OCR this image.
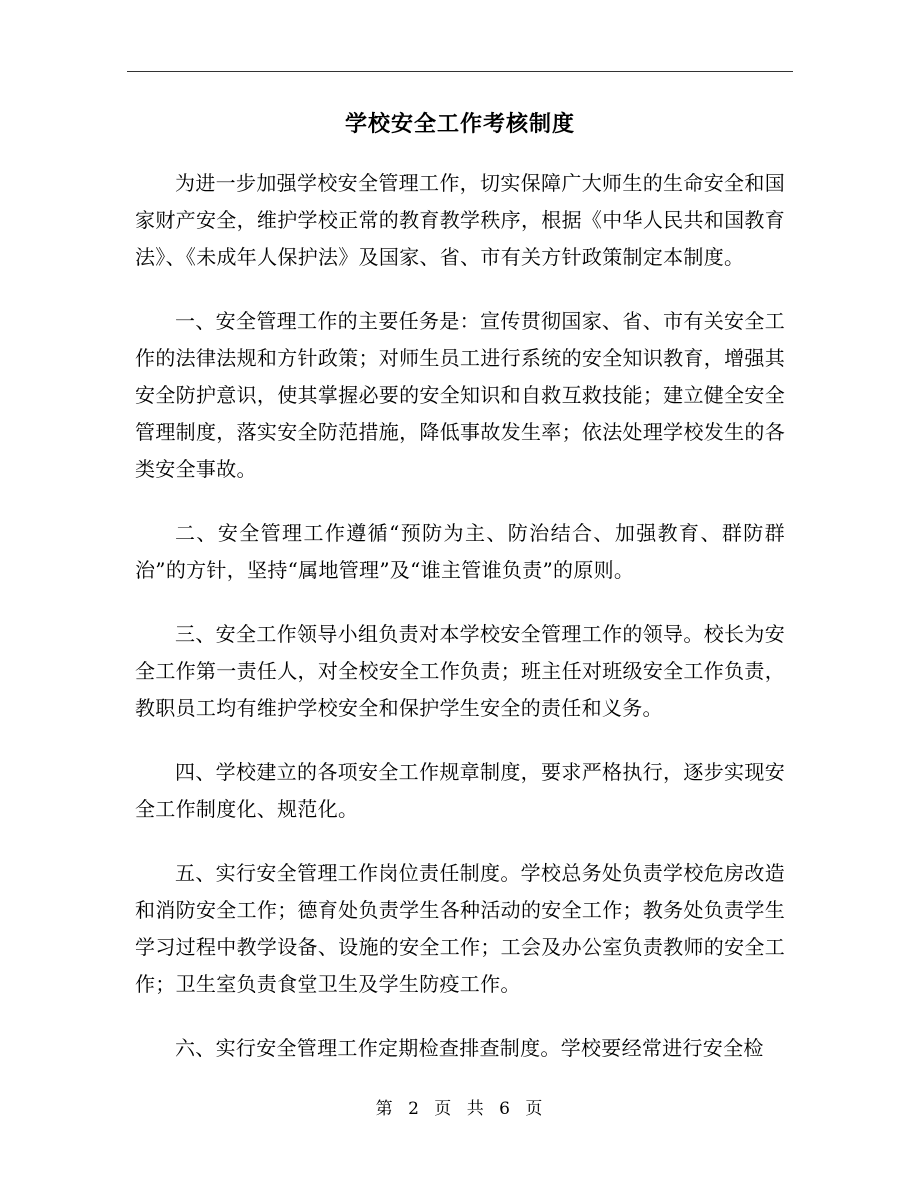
学校安全工作考核制度

为进一步加强学校安全管理工作，切实保障广大师生的生命安全和国家财产安全，维护学校正常的教育教学秩序，根据《中华人民共和国教育法》、《未成年人保护法》及国家、省、市有关方针政策制定本制度。

一、安全管理工作的主要任务是：宣传贯彻国家、省、市有关安全工作的法律法规和方针政策；对师生员工进行系统的安全知识教育，增强其安全防护意识，使其掌握必要的安全知识和自救互救技能；建立健全安全管理制度，落实安全防范措施，降低事故发生率；依法处理学校发生的各类安全事故。

二、安全管理工作遵循“预防为主、防治结合、加强教育、群防群治”的方针，坚持“属地管理”及“谁主管谁负责”的原则。

三、安全工作领导小组负责对本学校安全管理工作的领导。校长为安全工作第一责任人，对全校安全工作负责；班主任对班级安全工作负责，教职员工均有维护学校安全和保护学生安全的责任和义务。

四、学校建立的各项安全工作规章制度，要求严格执行，逐步实现安全工作制度化、规范化。

五、实行安全管理工作岗位责任制度。学校总务处负责学校危房改造和消防安全工作；德育处负责学生各种活动的安全工作；教务处负责学生学习过程中教学设备、设施的安全工作；工会及办公室负责教师的安全工作；卫生室负责食堂卫生及学生防疫工作。

六、实行安全管理工作定期检查排查制度。学校要经常进行安全检

第 2 页 共 6 页
